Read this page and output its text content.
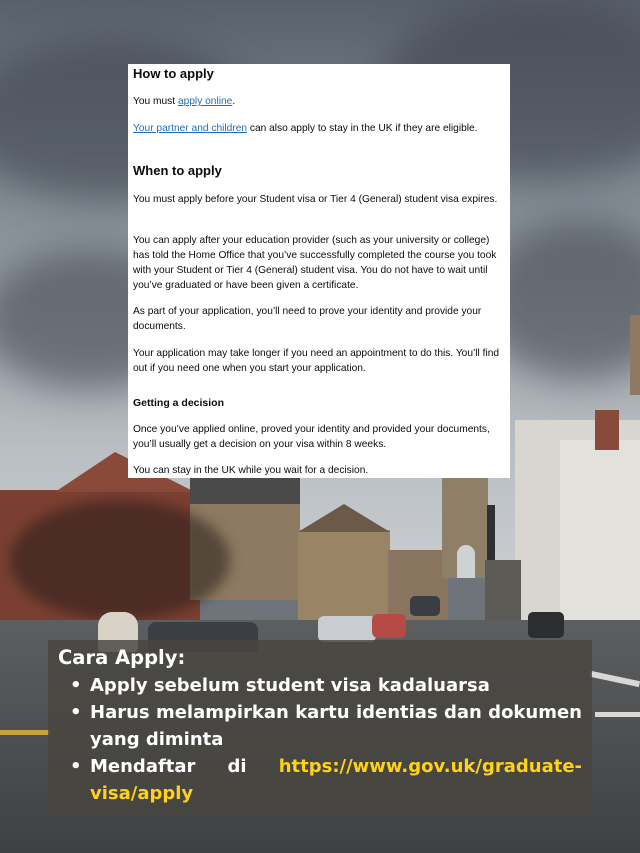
How to apply

You must apply online.

Your partner and children can also apply to stay in the UK if they are eligible.

When to apply

You must apply before your Student visa or Tier 4 (General) student visa expires.

You can apply after your education provider (such as your university or college) has told the Home Office that you’ve successfully completed the course you took with your Student or Tier 4 (General) student visa. You do not have to wait until you’ve graduated or have been given a certificate.

As part of your application, you’ll need to prove your identity and provide your documents.

Your application may take longer if you need an appointment to do this. You’ll find out if you need one when you start your application.

Getting a decision

Once you’ve applied online, proved your identity and provided your documents, you’ll usually get a decision on your visa within 8 weeks.

You can stay in the UK while you wait for a decision.

Cara Apply:
• Apply sebelum student visa kadaluarsa
• Harus melampirkan kartu identias dan dokumen yang diminta
• Mendaftar di https://www.gov.uk/graduate-visa/apply
